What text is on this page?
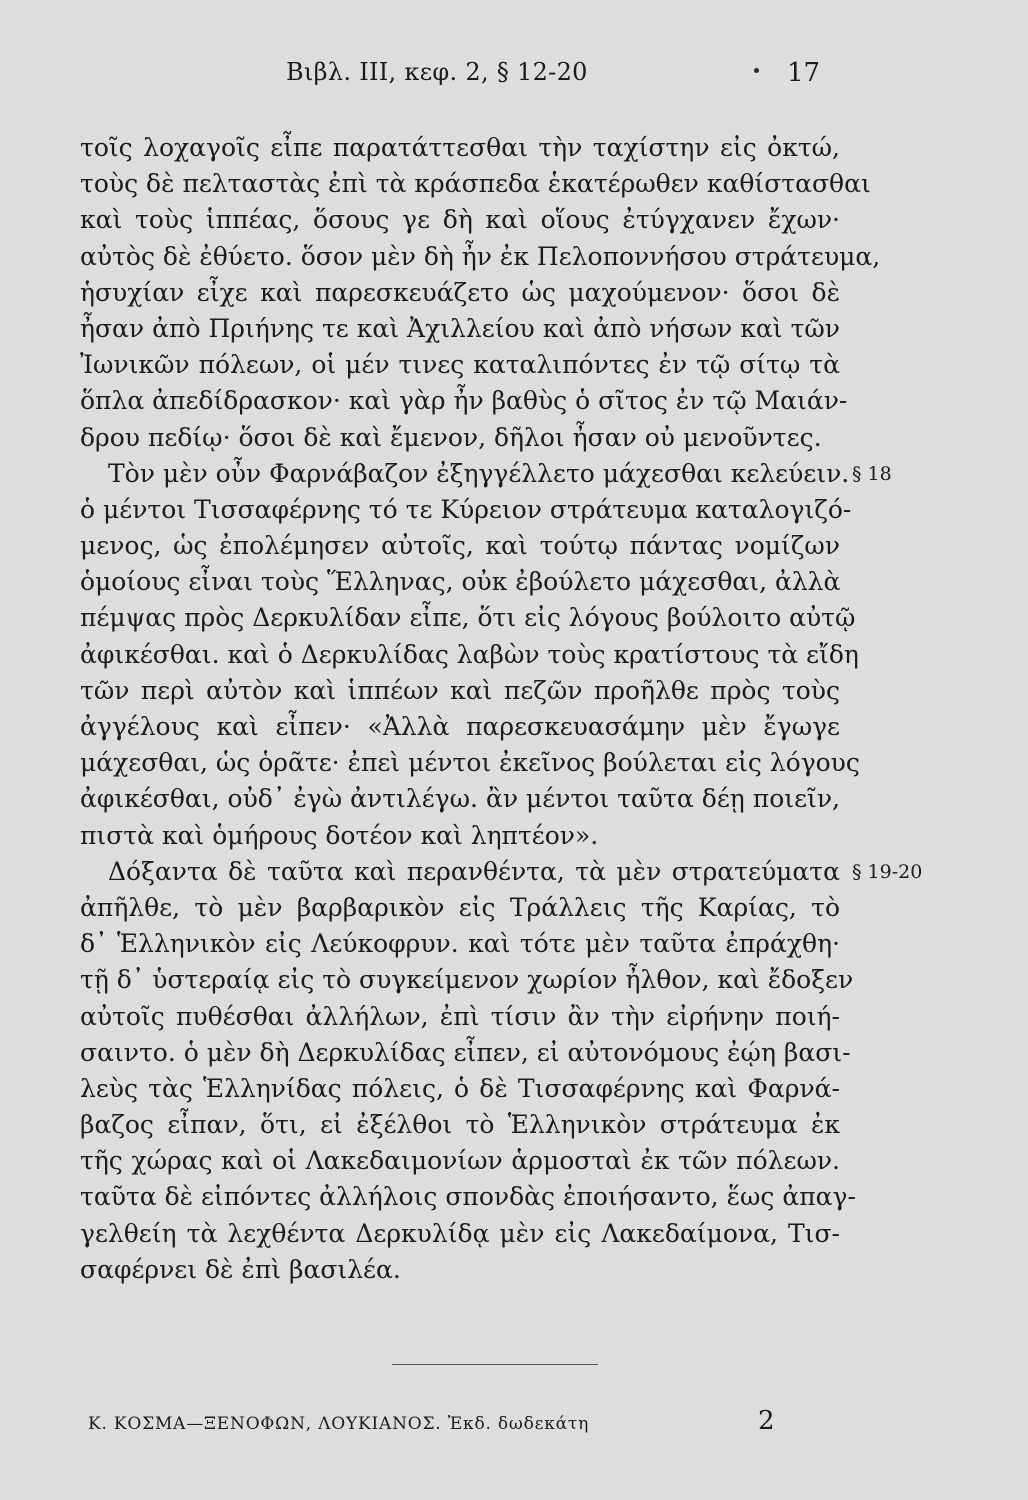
Βιβλ. ΙΙΙ, κεφ. 2, § 12-20	17
τοῖς λοχαγοῖς εἶπε παρατάττεσθαι τὴν ταχίστην εἰς ὀκτώ,
τοὺς δὲ πελταστὰς ἐπὶ τὰ κράσπεδα ἑκατέρωθεν καθίστασθαι
καὶ τοὺς ἱππέας, ὅσους γε δὴ καὶ οἵους ἐτύγχανεν ἔχων·
αὐτὸς δὲ ἐθύετο. ὅσον μὲν δὴ ἦν ἐκ Πελοποννήσου στράτευμα,
ἡσυχίαν εἶχε καὶ παρεσκευάζετο ὡς μαχούμενον· ὅσοι δὲ
ἦσαν ἀπὸ Πριήνης τε καὶ Ἀχιλλείου καὶ ἀπὸ νήσων καὶ τῶν
Ἰωνικῶν πόλεων, οἱ μέν τινες καταλιπόντες ἐν τῷ σίτῳ τὰ
ὅπλα ἀπεδίδρασκον· καὶ γὰρ ἦν βαθὺς ὁ σῖτος ἐν τῷ Μαιάν-
δρου πεδίῳ· ὅσοι δὲ καὶ ἔμενον, δῆλοι ἦσαν οὐ μενοῦντες.
Τὸν μὲν οὖν Φαρνάβαζον ἐξηγγέλλετο μάχεσθαι κελεύειν. § 18
ὁ μέντοι Τισσαφέρνης τό τε Κύρειον στράτευμα καταλογιζό-
μενος, ὡς ἐπολέμησεν αὐτοῖς, καὶ τούτῳ πάντας νομίζων
ὁμοίους εἶναι τοὺς Ἕλληνας, οὐκ ἐβούλετο μάχεσθαι, ἀλλὰ
πέμψας πρὸς Δερκυλίδαν εἶπε, ὅτι εἰς λόγους βούλοιτο αὐτῷ
ἀφικέσθαι. καὶ ὁ Δερκυλίδας λαβὼν τοὺς κρατίστους τὰ εἴδη
τῶν περὶ αὐτὸν καὶ ἱππέων καὶ πεζῶν προῆλθε πρὸς τοὺς
ἀγγέλους καὶ εἶπεν· «Ἀλλὰ παρεσκευασάμην μὲν ἔγωγε
μάχεσθαι, ὡς ὁρᾶτε· ἐπεὶ μέντοι ἐκεῖνος βούλεται εἰς λόγους
ἀφικέσθαι, οὐδ᾽ ἐγὼ ἀντιλέγω. ἂν μέντοι ταῦτα δέῃ ποιεῖν,
πιστὰ καὶ ὁμήρους δοτέον καὶ ληπτέον».
Δόξαντα δὲ ταῦτα καὶ περανθέντα, τὰ μὲν στρατεύματα § 19-20
ἀπῆλθε, τὸ μὲν βαρβαρικὸν εἰς Τράλλεις τῆς Καρίας, τὸ
δ᾽ Ἑλληνικὸν εἰς Λεύκοφρυν. καὶ τότε μὲν ταῦτα ἐπράχθη·
τῇ δ᾽ ὑστεραίᾳ εἰς τὸ συγκείμενον χωρίον ἦλθον, καὶ ἔδοξεν
αὐτοῖς πυθέσθαι ἀλλήλων, ἐπὶ τίσιν ἂν τὴν εἰρήνην ποιή-
σαιντο. ὁ μὲν δὴ Δερκυλίδας εἶπεν, εἰ αὐτονόμους ἐῴη βασι-
λεὺς τὰς Ἑλληνίδας πόλεις, ὁ δὲ Τισσαφέρνης καὶ Φαρνά-
βαζος εἶπαν, ὅτι, εἰ ἐξέλθοι τὸ Ἑλληνικὸν στράτευμα ἐκ
τῆς χώρας καὶ οἱ Λακεδαιμονίων ἁρμοσταὶ ἐκ τῶν πόλεων.
ταῦτα δὲ εἰπόντες ἀλλήλοις σπονδὰς ἐποιήσαντο, ἕως ἀπαγ-
γελθείη τὰ λεχθέντα Δερκυλίδᾳ μὲν εἰς Λακεδαίμονα, Τισ-
σαφέρνει δὲ ἐπὶ βασιλέα.
Κ. ΚΟΣΜΑ—ΞΕΝΟΦΩΝ, ΛΟΥΚΙΑΝΟΣ. Ἐκδ. δωδεκάτη	2
